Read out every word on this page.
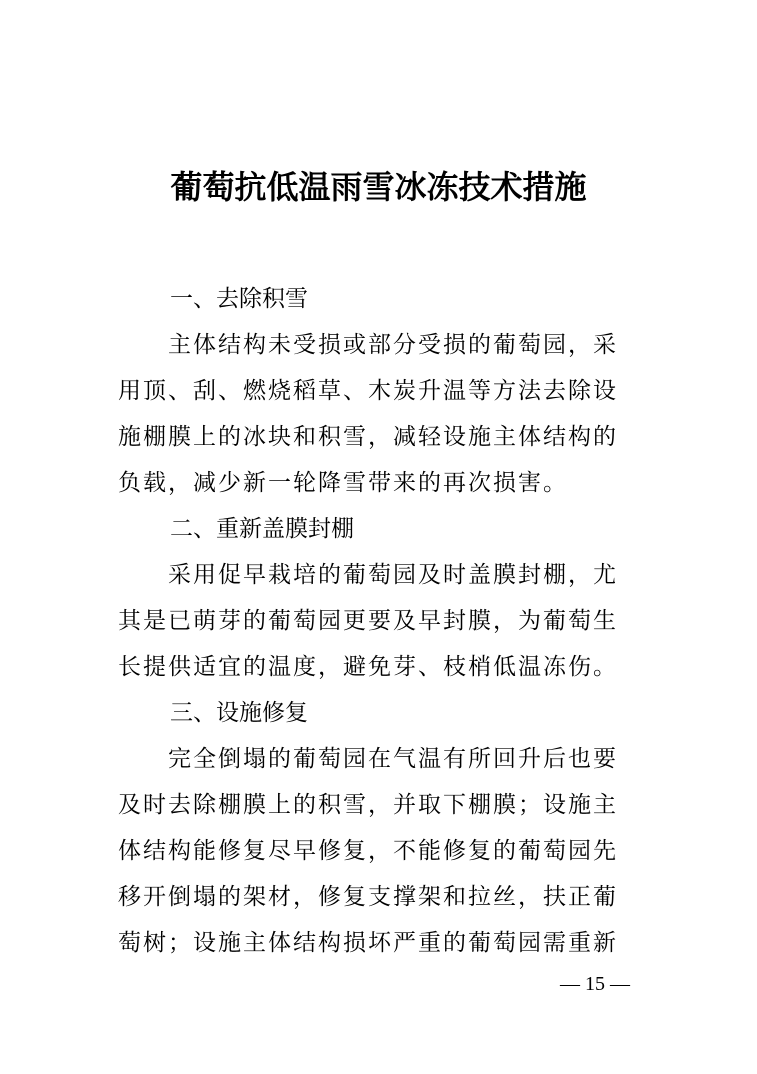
葡萄抗低温雨雪冰冻技术措施
一、去除积雪
主体结构未受损或部分受损的葡萄园，采
用顶、刮、燃烧稻草、木炭升温等方法去除设
施棚膜上的冰块和积雪，减轻设施主体结构的
负载，减少新一轮降雪带来的再次损害。
二、重新盖膜封棚
采用促早栽培的葡萄园及时盖膜封棚，尤
其是已萌芽的葡萄园更要及早封膜，为葡萄生
长提供适宜的温度，避免芽、枝梢低温冻伤。
三、设施修复
完全倒塌的葡萄园在气温有所回升后也要
及时去除棚膜上的积雪，并取下棚膜；设施主
体结构能修复尽早修复，不能修复的葡萄园先
移开倒塌的架材，修复支撑架和拉丝，扶正葡
萄树；设施主体结构损坏严重的葡萄园需重新
— 15 —
